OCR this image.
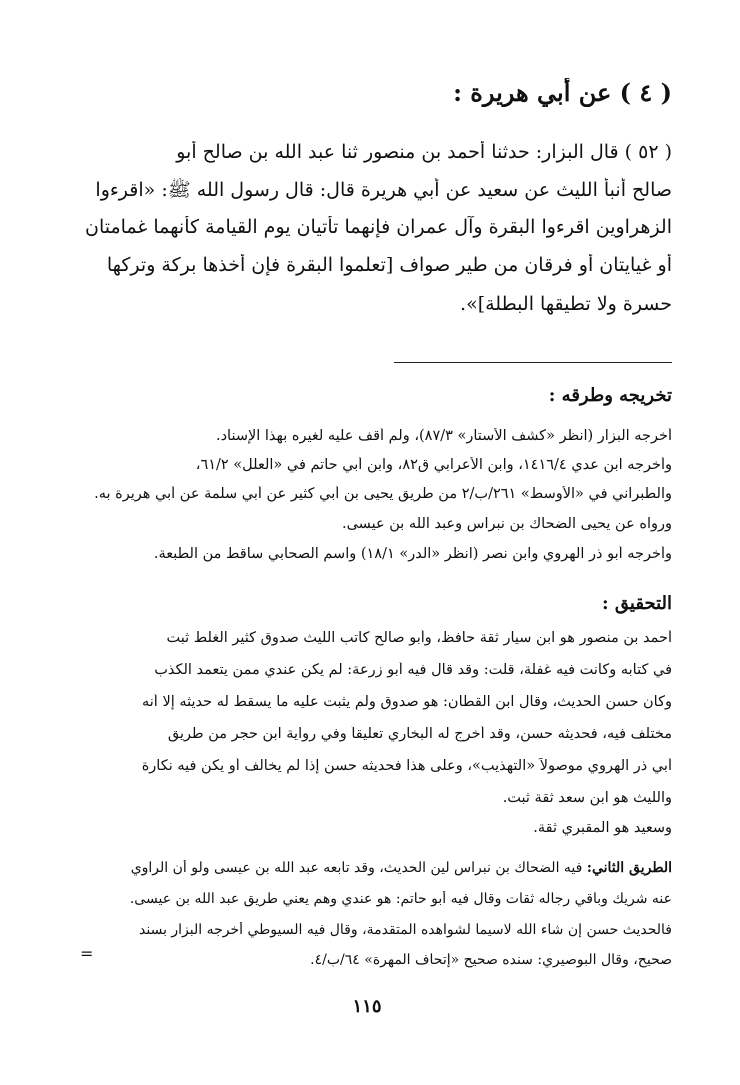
( ٤ ) عن أبي هريرة :
( ٥٢ ) قال البزار: حدثنا أحمد بن منصور ثنا عبد الله بن صالح أبو
صالح أنبأ الليث عن سعيد عن أبي هريرة قال: قال رسول الله ﷺ: «اقرءوا
الزهراوين اقرءوا البقرة وآل عمران فإنهما تأتيان يوم القيامة كأنهما غمامتان
أو غيايتان أو فرقان من طير صواف [تعلموا البقرة فإن أخذها بركة وتركها
حسرة ولا تطيقها البطلة]».
تخريجه وطرقه :
أخرجه البزار (انظر «كشف الأستار» ٨٧/٣)، ولم أقف عليه لغيره بهذا الإسناد.
وأخرجه ابن عدي ١٤١٦/٤، وابن الأعرابي ق٨٢، وابن أبي حاتم في «العلل» ٦١/٢،
والطبراني في «الأوسط» ٢٦١/ب/٢ من طريق يحيى بن أبي كثير عن أبي سلمة عن أبي هريرة به.
ورواه عن يحيى الضحاك بن نبراس وعبد الله بن عيسى.
وأخرجه أبو ذر الهروي وابن نصر (انظر «الدر» ١٨/١) واسم الصحابي ساقط من الطبعة.
التحقيق :
أحمد بن منصور هو ابن سيار ثقة حافظ، وأبو صالح كاتب الليث صدوق كثير الغلط ثبت
في كتابه وكانت فيه غفلة، قلت: وقد قال فيه أبو زرعة: لم يكن عندي ممن يتعمد الكذب
وكان حسن الحديث، وقال ابن القطان: هو صدوق ولم يثبت عليه ما يسقط له حديثه إلا أنه
مختلف فيه، فحديثه حسن، وقد أخرج له البخاري تعليقاً وفي رواية ابن حجر من طريق
أبي ذر الهروي موصولاً «التهذيب»، وعلى هذا فحديثه حسن إذا لم يخالف أو يكن فيه نكارة
والليث هو ابن سعد ثقة ثبت.
وسعيد هو المقبري ثقة.
الطريق الثاني: فيه الضحاك بن نبراس لين الحديث، وقد تابعه عبد الله بن عيسى ولو أن الراوي
عنه شريك وباقي رجاله ثقات وقال فيه أبو حاتم: هو عندي وهم يعني طريق عبد الله بن عيسى.
فالحديث حسن إن شاء الله لاسيما لشواهده المتقدمة، وقال فيه السيوطي أخرجه البزار بسند
صحيح، وقال البوصيري: سنده صحيح «إتحاف المهرة» ٦٤/ب/٤.
=
١١٥
